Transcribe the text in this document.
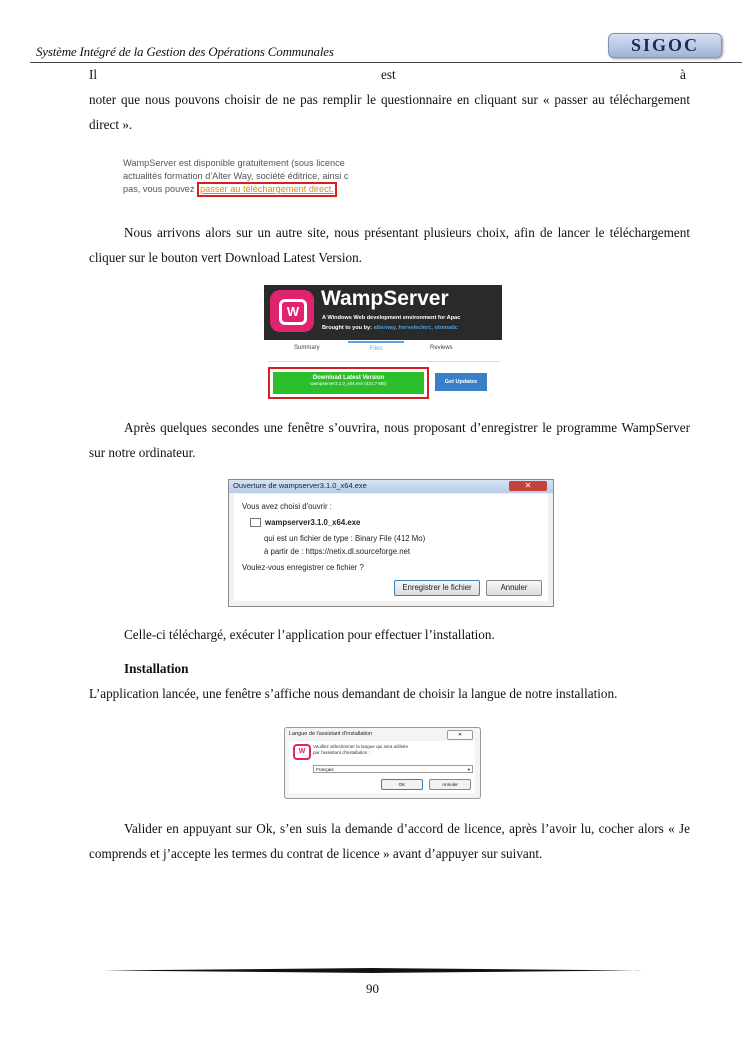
Système Intégré de la Gestion des Opérations Communales	SIGOC
Il	est	à
noter que nous pouvons choisir de ne pas remplir le questionnaire en cliquant sur « passer au téléchargement direct ».
WampServer est disponible gratuitement (sous licence
actualités formation d'Alter Way, société éditrice, ainsi c
pas, vous pouvez passer au téléchargement direct.
Nous arrivons alors sur un autre site, nous présentant plusieurs choix, afin de lancer le téléchargement cliquer sur le bouton vert Download Latest Version.
W
WampServer
A Windows Web development environment for Apac
Brought to you by: alterway, herveleclerc, otomatic
Summary	Files	Reviews
Download Latest Version
wampserver3.1.0_x64.exe (431.7 MB)	Get Updates
Après quelques secondes une fenêtre s’ouvrira, nous proposant d’enregistrer le programme WampServer sur notre ordinateur.
Ouverture de wampserver3.1.0_x64.exe	✕
Vous avez choisi d'ouvrir :
wampserver3.1.0_x64.exe
qui est un fichier de type : Binary File (412 Mo)
à partir de : https://netix.dl.sourceforge.net
Voulez-vous enregistrer ce fichier ?
Enregistrer le fichier	Annuler
Celle-ci téléchargé, exécuter l’application pour effectuer l’installation.
Installation
L’application lancée, une fenêtre s’affiche nous demandant de choisir la langue de notre installation.
Langue de l'assistant d'installation	✕
W
Veuillez sélectionner la langue qui sera utilisée
par l'assistant d'installation :
Français	▾
OK	Annuler
Valider en appuyant sur Ok, s’en suis la demande d’accord de licence, après l’avoir lu, cocher alors « Je comprends et j’accepte les termes du contrat de licence » avant d’appuyer sur suivant.
90
